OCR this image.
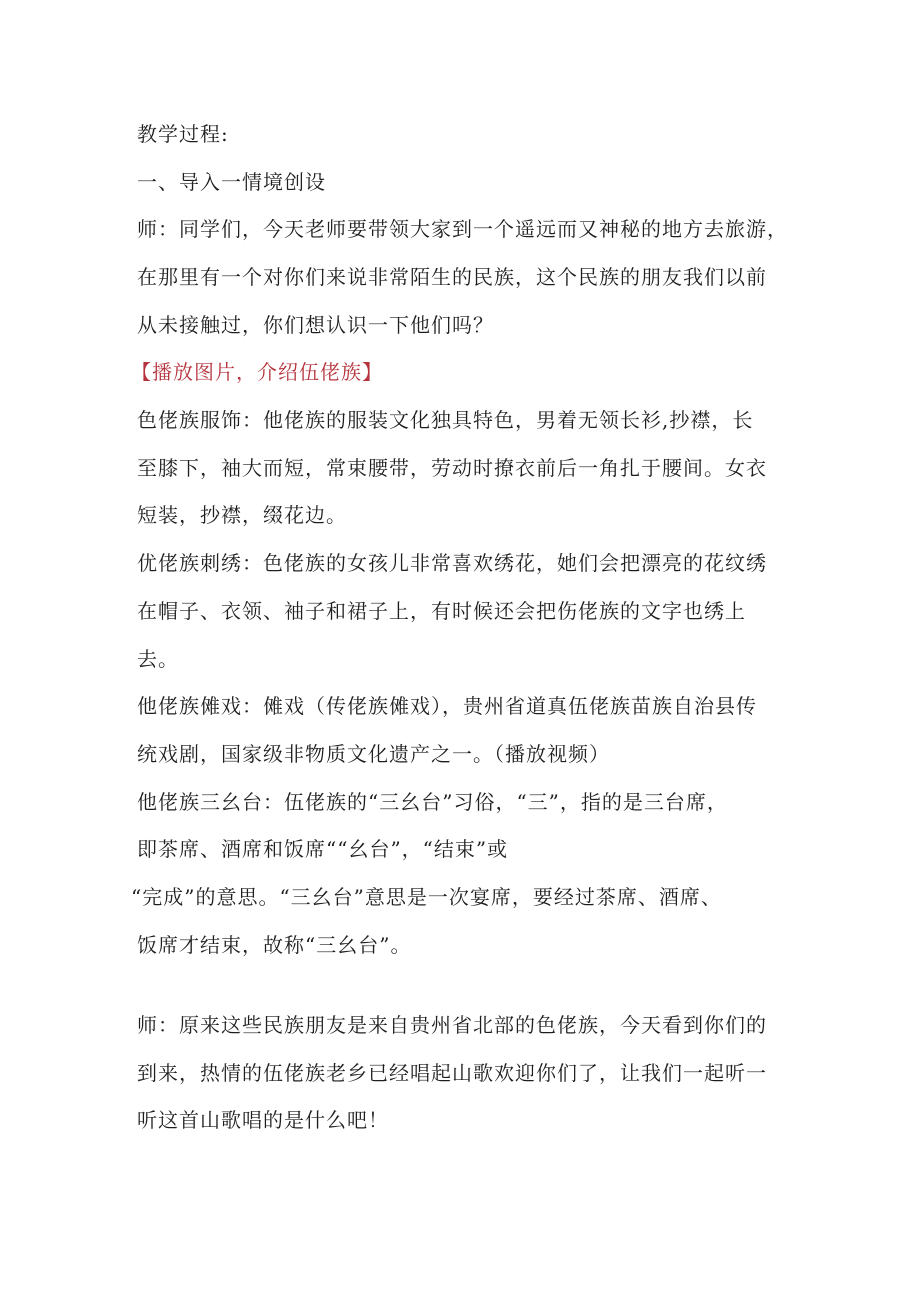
教学过程:
一、导入一情境创设
师：同学们，今天老师要带领大家到一个遥远而又神秘的地方去旅游，
在那里有一个对你们来说非常陌生的民族，这个民族的朋友我们以前
从未接触过，你们想认识一下他们吗？
【播放图片，介绍伍佬族】
色佬族服饰：他佬族的服装文化独具特色，男着无领长衫,抄襟，长
至膝下，袖大而短，常束腰带，劳动时撩衣前后一角扎于腰间。女衣
短装，抄襟，缀花边。
优佬族刺绣：色佬族的女孩儿非常喜欢绣花，她们会把漂亮的花纹绣
在帽子、衣领、袖子和裙子上，有时候还会把伤佬族的文字也绣上
去。
他佬族傩戏：傩戏（传佬族傩戏），贵州省道真伍佬族苗族自治县传
统戏剧，国家级非物质文化遗产之一。（播放视频）
他佬族三幺台：伍佬族的“三幺台”习俗，“三”，指的是三台席，
即茶席、酒席和饭席““幺台”，“结束”或
“完成”的意思。“三幺台”意思是一次宴席，要经过茶席、酒席、
饭席才结束，故称“三幺台”。
师：原来这些民族朋友是来自贵州省北部的色佬族，今天看到你们的
到来，热情的伍佬族老乡已经唱起山歌欢迎你们了，让我们一起听一
听这首山歌唱的是什么吧！
